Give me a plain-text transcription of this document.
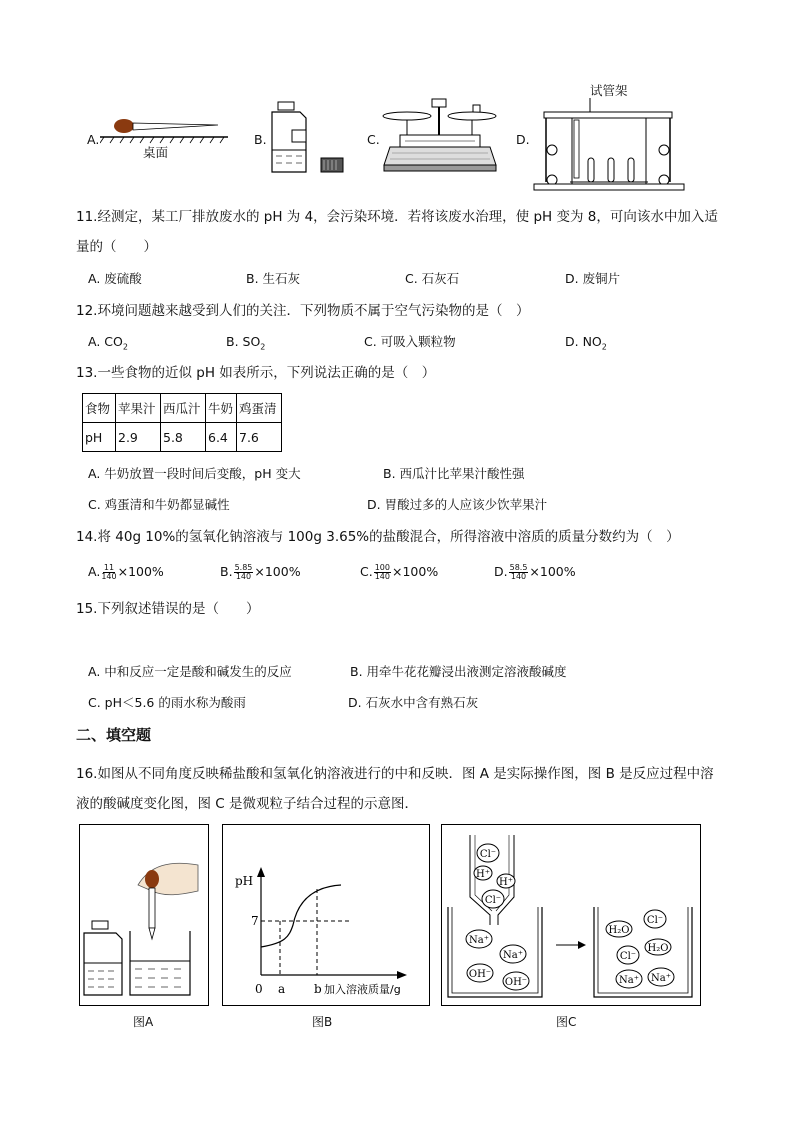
A.
桌面
B.	C.	D.
试管架
11.经测定，某工厂排放废水的 pH 为 4，会污染环境．若将该废水治理，使 pH 变为 8，可向该水中加入适
量的（　　）
A. 废硫酸	B. 生石灰	C. 石灰石	D. 废铜片
12.环境问题越来越受到人们的关注．下列物质不属于空气污染物的是（　）
A. $CO_2$	B. $SO_2$	C. 可吸入颗粒物	D. $NO_2$
13.一些食物的近似 pH 如表所示，下列说法正确的是（　）
食物	苹果汁	西瓜汁	牛奶	鸡蛋清
pH	2.9	5.8	6.4	7.6
A. 牛奶放置一段时间后变酸，pH 变大	B. 西瓜汁比苹果汁酸性强
C. 鸡蛋清和牛奶都显碱性	D. 胃酸过多的人应该少饮苹果汁
14.将 40g 10%的氢氧化钠溶液与 100g 3.65%的盐酸混合，所得溶液中溶质的质量分数约为（　）
A. $\frac{11}{140} \times 100\%$	B. $\frac{5.85}{140} \times 100\%$	C. $\frac{100}{140} \times 100\%$	D. $\frac{58.5}{140} \times 100\%$
15.下列叙述错误的是（　　）
A. 中和反应一定是酸和碱发生的反应	B. 用牵牛花花瓣浸出液测定溶液酸碱度
C. pH＜5.6 的雨水称为酸雨	D. 石灰水中含有熟石灰
二、填空题
16.如图从不同角度反映稀盐酸和氢氧化钠溶液进行的中和反映．图 A 是实际操作图，图 B 是反应过程中溶
液的酸碱度变化图，图 C 是微观粒子结合过程的示意图．
图A
pH
7
0 a b 加入溶液质量/g
图B
Cl⁻
H⁺
H⁺
Cl⁻
Na⁺
Na⁺
OH⁻
OH⁻
H₂O
Cl⁻
H₂O
Cl⁻
Na⁺ Na⁺
图C
